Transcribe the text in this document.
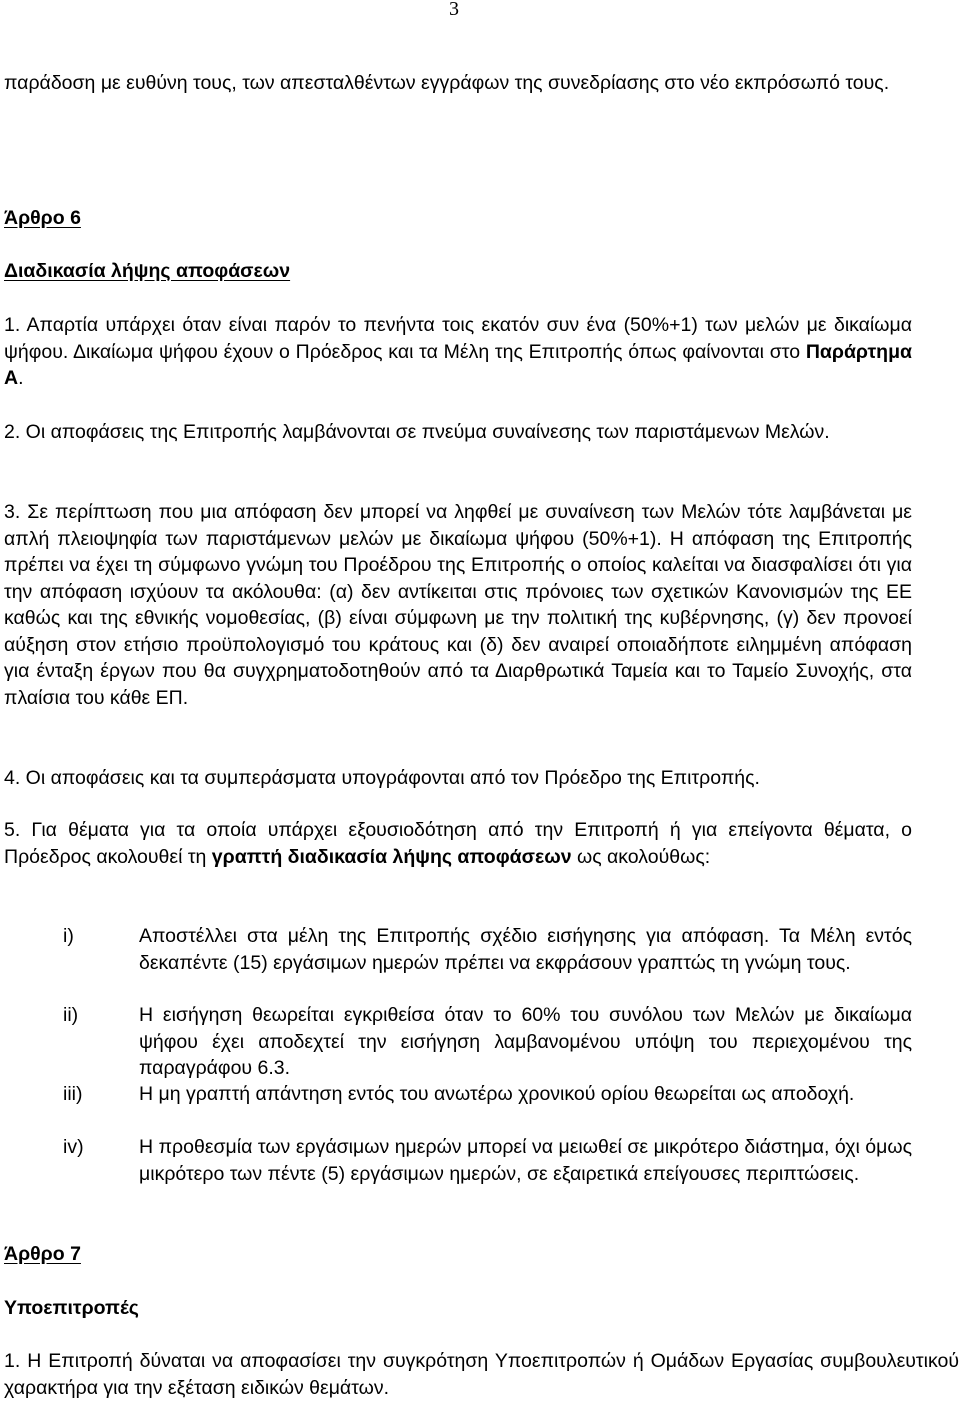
3
παράδοση με ευθύνη τους, των απεσταλθέντων εγγράφων της συνεδρίασης στο νέο εκπρόσωπό τους.
Άρθρο 6
Διαδικασία λήψης αποφάσεων
1. Απαρτία υπάρχει όταν είναι παρόν το πενήντα τοις εκατόν συν ένα (50%+1) των μελών με δικαίωμα ψήφου. Δικαίωμα ψήφου έχουν ο Πρόεδρος και τα Μέλη της Επιτροπής όπως φαίνονται στο Παράρτημα Α.
2. Οι αποφάσεις της Επιτροπής λαμβάνονται σε πνεύμα συναίνεσης των παριστάμενων Μελών.
3. Σε περίπτωση που μια απόφαση δεν μπορεί να ληφθεί με συναίνεση των Μελών τότε λαμβάνεται με απλή πλειοψηφία των παριστάμενων μελών με δικαίωμα ψήφου (50%+1). Η απόφαση της Επιτροπής πρέπει να έχει τη σύμφωνο γνώμη του Προέδρου της Επιτροπής ο οποίος καλείται να διασφαλίσει ότι για την απόφαση ισχύουν τα ακόλουθα: (α) δεν αντίκειται στις πρόνοιες των σχετικών Κανονισμών της ΕΕ καθώς και της εθνικής νομοθεσίας, (β) είναι σύμφωνη με την πολιτική της κυβέρνησης, (γ) δεν προνοεί αύξηση στον ετήσιο προϋπολογισμό του κράτους και (δ) δεν αναιρεί οποιαδήποτε ειλημμένη απόφαση για ένταξη έργων που θα συγχρηματοδοτηθούν από τα Διαρθρωτικά Ταμεία και το Ταμείο Συνοχής, στα πλαίσια του κάθε ΕΠ.
4. Οι αποφάσεις και τα συμπεράσματα υπογράφονται από τον Πρόεδρο της Επιτροπής.
5. Για θέματα για τα οποία υπάρχει εξουσιοδότηση από την Επιτροπή ή για επείγοντα θέματα, ο Πρόεδρος ακολουθεί τη γραπτή διαδικασία λήψης αποφάσεων ως ακολούθως:
i)	Αποστέλλει στα μέλη της Επιτροπής σχέδιο εισήγησης για απόφαση. Τα Μέλη εντός δεκαπέντε (15) εργάσιμων ημερών πρέπει να εκφράσουν γραπτώς τη γνώμη τους.
ii)	Η εισήγηση θεωρείται εγκριθείσα όταν το 60% του συνόλου των Μελών με δικαίωμα ψήφου έχει αποδεχτεί την εισήγηση λαμβανομένου υπόψη του περιεχομένου της παραγράφου 6.3.
iii)	Η μη γραπτή απάντηση εντός του ανωτέρω χρονικού ορίου θεωρείται ως αποδοχή.
iv)	Η προθεσμία των εργάσιμων ημερών μπορεί να μειωθεί σε μικρότερο διάστημα, όχι όμως μικρότερο των πέντε (5) εργάσιμων ημερών, σε εξαιρετικά επείγουσες περιπτώσεις.
Άρθρο 7
Υποεπιτροπές
1. Η Επιτροπή δύναται να αποφασίσει την συγκρότηση Υποεπιτροπών ή Ομάδων Εργασίας συμβουλευτικού χαρακτήρα για την εξέταση ειδικών θεμάτων.
